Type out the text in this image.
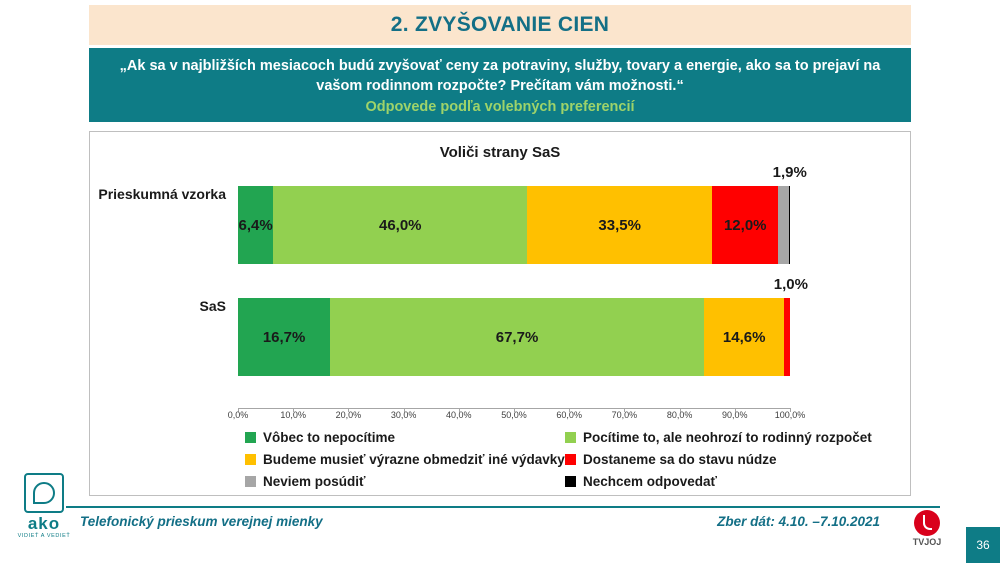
2. ZVYŠOVANIE CIEN
„Ak sa v najbližších mesiacoch budú zvyšovať ceny za potraviny, služby, tovary a energie, ako sa to prejaví na
vašom rodinnom rozpočte? Prečítam vám možnosti.“
Odpovede podľa volebných preferencií
Voliči strany SaS
Prieskumná vzorka
6,4%	46,0%	33,5%	12,0%
1,9%
SaS
16,7%	67,7%	14,6%
1,0%
0,0%	10,0%	20,0%	30,0%	40,0%	50,0%	60,0%	70,0%	80,0%	90,0%	100,0%
Vôbec to nepocítime	Pocítime to, ale neohrozí to rodinný rozpočet
Budeme musieť výrazne obmedziť iné výdavky Dostaneme sa do stavu núdze
Neviem posúdiť	Nechcem odpovedať
Telefonický prieskum verejnej mienky	Zber dát: 4.10. –7.10.2021
ako
VIDIEŤ A VEDIEŤ
TVJOJ	36
